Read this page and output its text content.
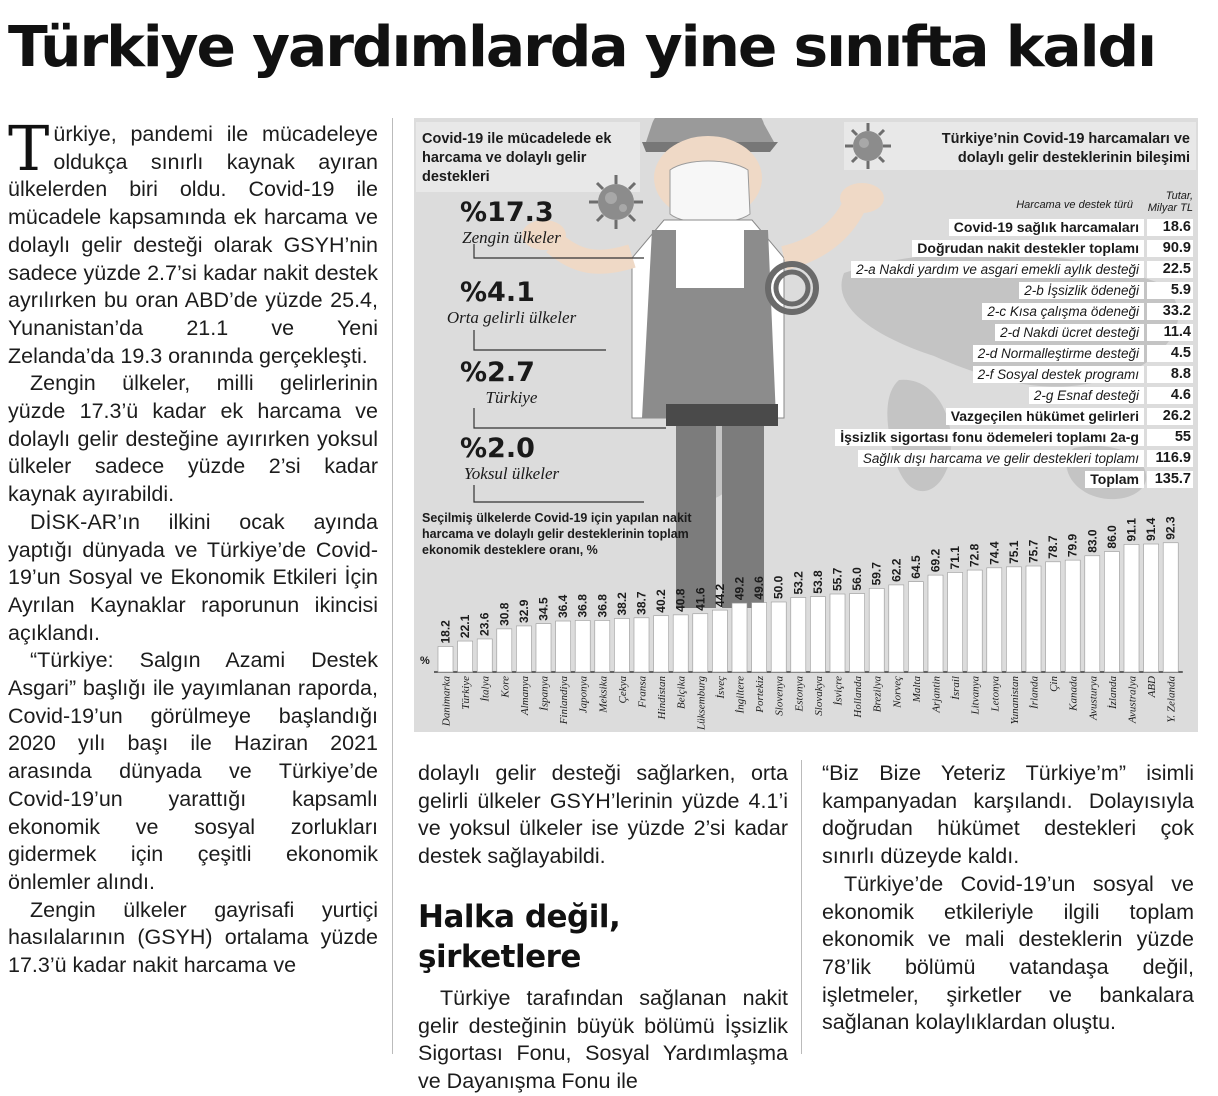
Türkiye yardımlarda yine sınıfta kaldı

Türkiye, pandemi ile mücadeleye oldukça sınırlı kaynak ayıran ülkelerden biri oldu. Covid-19 ile mücadele kapsamında ek harcama ve dolaylı gelir desteği olarak GSYH’nin sadece yüzde 2.7’si kadar nakit destek ayrılırken bu oran ABD’de yüzde 25.4, Yunanistan’da 21.1 ve Yeni Zelanda’da 19.3 oranında gerçekleşti.

Zengin ülkeler, milli gelirlerinin yüzde 17.3’ü kadar ek harcama ve dolaylı gelir desteğine ayırırken yoksul ülkeler sadece yüzde 2’si kadar kaynak ayırabildi.

DİSK-AR’ın ilkini ocak ayında yaptığı dünyada ve Türkiye’de Covid-19’un Sosyal ve Ekonomik Etkileri İçin Ayrılan Kaynaklar raporunun ikincisi açıklandı.

“Türkiye: Salgın Azami Destek Asgari” başlığı ile yayımlanan raporda, Covid-19’un görülmeye başlandığı 2020 yılı başı ile Haziran 2021 arasında dünyada ve Türkiye’de Covid-19’un yarattığı kapsamlı ekonomik ve sosyal zorlukları gidermek için çeşitli ekonomik önlemler alındı.

Zengin ülkeler gayrisafi yurtiçi hasılalarının (GSYH) ortalama yüzde 17.3’ü kadar nakit harcama ve

Covid-19 ile mücadelede ek harcama ve dolaylı gelir destekleri
Türkiye’nin Covid-19 harcamaları ve dolaylı gelir desteklerinin bileşimi
%17.3
Zengin ülkeler
%4.1
Orta gelirli ülkeler
%2.7
Türkiye
%2.0
Yoksul ülkeler
Harcama ve destek türü
Tutar, Milyar TL
Covid-19 sağlık harcamaları	18.6
Doğrudan nakit destekler toplamı	90.9
2-a Nakdi yardım ve asgari emekli aylık desteği	22.5
2-b İşsizlik ödeneği	5.9
2-c Kısa çalışma ödeneği	33.2
2-d Nakdi ücret desteği	11.4
2-d Normalleştirme desteği	4.5
2-f Sosyal destek programı	8.8
2-g Esnaf desteği	4.6
Vazgeçilen hükümet gelirleri	26.2
İşsizlik sigortası fonu ödemeleri toplamı 2a-g	55
Sağlık dışı harcama ve gelir destekleri toplamı	116.9
Toplam	135.7
Seçilmiş ülkelerde Covid-19 için yapılan nakit harcama ve dolaylı gelir desteklerinin toplam ekonomik desteklere oranı, %
%
18.2
Danimarka
22.1
Türkiye
23.6
İtalya
30.8
Kore
32.9
Almanya
34.5
İspanya
36.4
Finlandiya
36.8
Japonya
36.8
Meksika
38.2
Çekya
38.7
Fransa
40.2
Hindistan
40.8
Belçika
41.6
Lüksemburg
44.2
İsveç
49.2
İngiltere
49.6
Portekiz
50.0
Slovenya
53.2
Estonya
53.8
Slovakya
55.7
İsviçre
56.0
Hollanda
59.7
Brezilya
62.2
Norveç
64.5
Malta
69.2
Arjantin
71.1
İsrail
72.8
Litvanya
74.4
Letonya
75.1
Yunanistan
75.7
İrlanda
78.7
Çin
79.9
Kanada
83.0
Avusturya
86.0
İzlanda
91.1
Avustralya
91.4
ABD
92.3
Y. Zelanda

dolaylı gelir desteği sağlarken, orta gelirli ülkeler GSYH’lerinin yüzde 4.1’i ve yoksul ülkeler ise yüzde 2’si kadar destek sağlayabildi.

Halka değil, şirketlere

Türkiye tarafından sağlanan nakit gelir desteğinin büyük bölümü İşsizlik Sigortası Fonu, Sosyal Yardımlaşma ve Dayanışma Fonu ile

“Biz Bize Yeteriz Türkiye’m” isimli kampanyadan karşılandı. Dolayısıyla doğrudan hükümet destekleri çok sınırlı düzeyde kaldı.

Türkiye’de Covid-19’un sosyal ve ekonomik etkileriyle ilgili toplam ekonomik ve mali desteklerin yüzde 78’lik bölümü vatandaşa değil, işletmeler, şirketler ve bankalara sağlanan kolaylıklardan oluştu.
